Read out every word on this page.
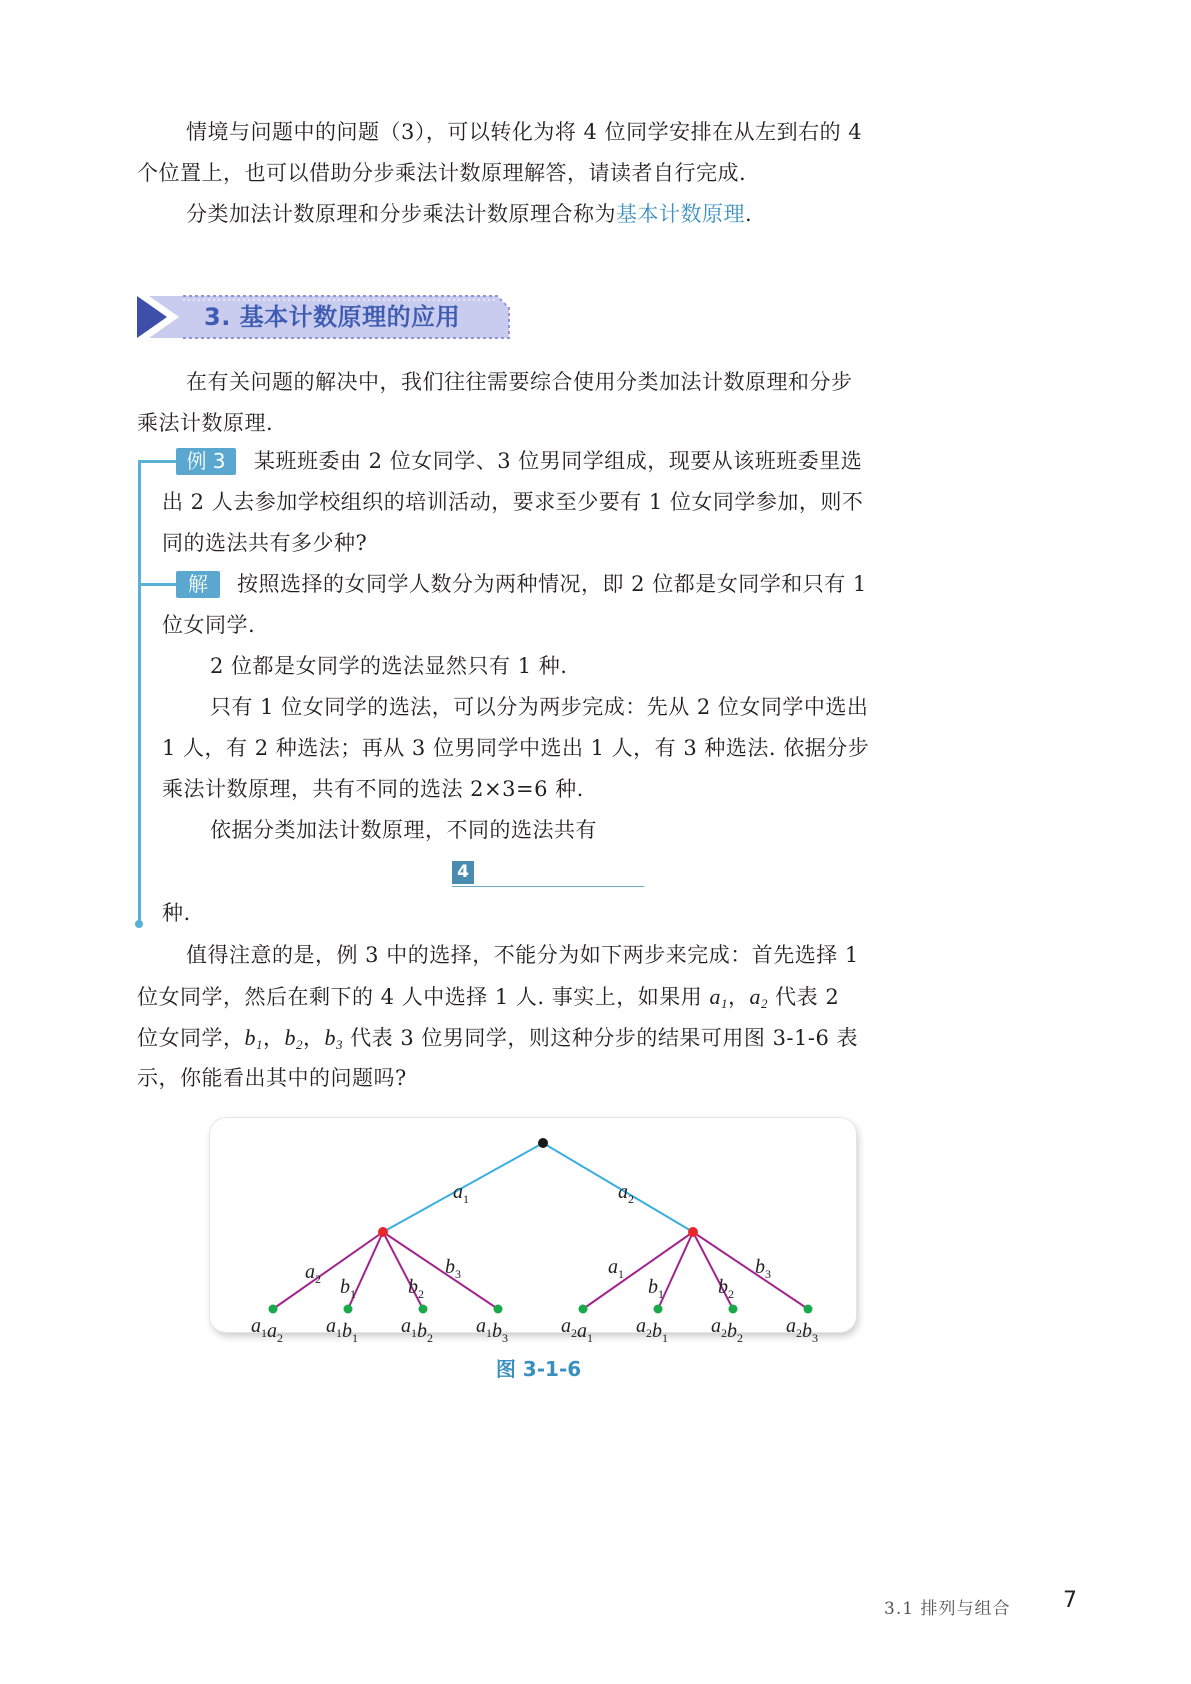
情境与问题中的问题（3），可以转化为将 4 位同学安排在从左到右的 4

个位置上，也可以借助分步乘法计数原理解答，请读者自行完成.

分类加法计数原理和分步乘法计数原理合称为基本计数原理.

3. 基本计数原理的应用

在有关问题的解决中，我们往往需要综合使用分类加法计数原理和分步

乘法计数原理.

例 3	某班班委由 2 位女同学、3 位男同学组成，现要从该班班委里选

出 2 人去参加学校组织的培训活动，要求至少要有 1 位女同学参加，则不

同的选法共有多少种?

解	按照选择的女同学人数分为两种情况，即 2 位都是女同学和只有 1

位女同学.

2 位都是女同学的选法显然只有 1 种.

只有 1 位女同学的选法，可以分为两步完成：先从 2 位女同学中选出

1 人，有 2 种选法；再从 3 位男同学中选出 1 人，有 3 种选法. 依据分步

乘法计数原理，共有不同的选法 2×3=6 种.

依据分类加法计数原理，不同的选法共有

4

种.

值得注意的是，例 3 中的选择，不能分为如下两步来完成：首先选择 1

位女同学，然后在剩下的 4 人中选择 1 人. 事实上，如果用 $a_1$，$a_2$ 代表 2

位女同学，$b_1$，$b_2$，$b_3$ 代表 3 位男同学，则这种分步的结果可用图 3-1-6 表

示，你能看出其中的问题吗?

$a_1$	$a_2$
$a_2$ $b_1$	$b_2$
$b_3$	$a_1$
$b_1$	$b_2$
$b_3$
$a_1a_2$
$a_1b_1$
$a_1b_2$
$a_1b_3$
$a_2a_1$
$a_2b_1$
$a_2b_2$
$a_2b_3$
图 3-1-6
3.1 排列与组合 7
